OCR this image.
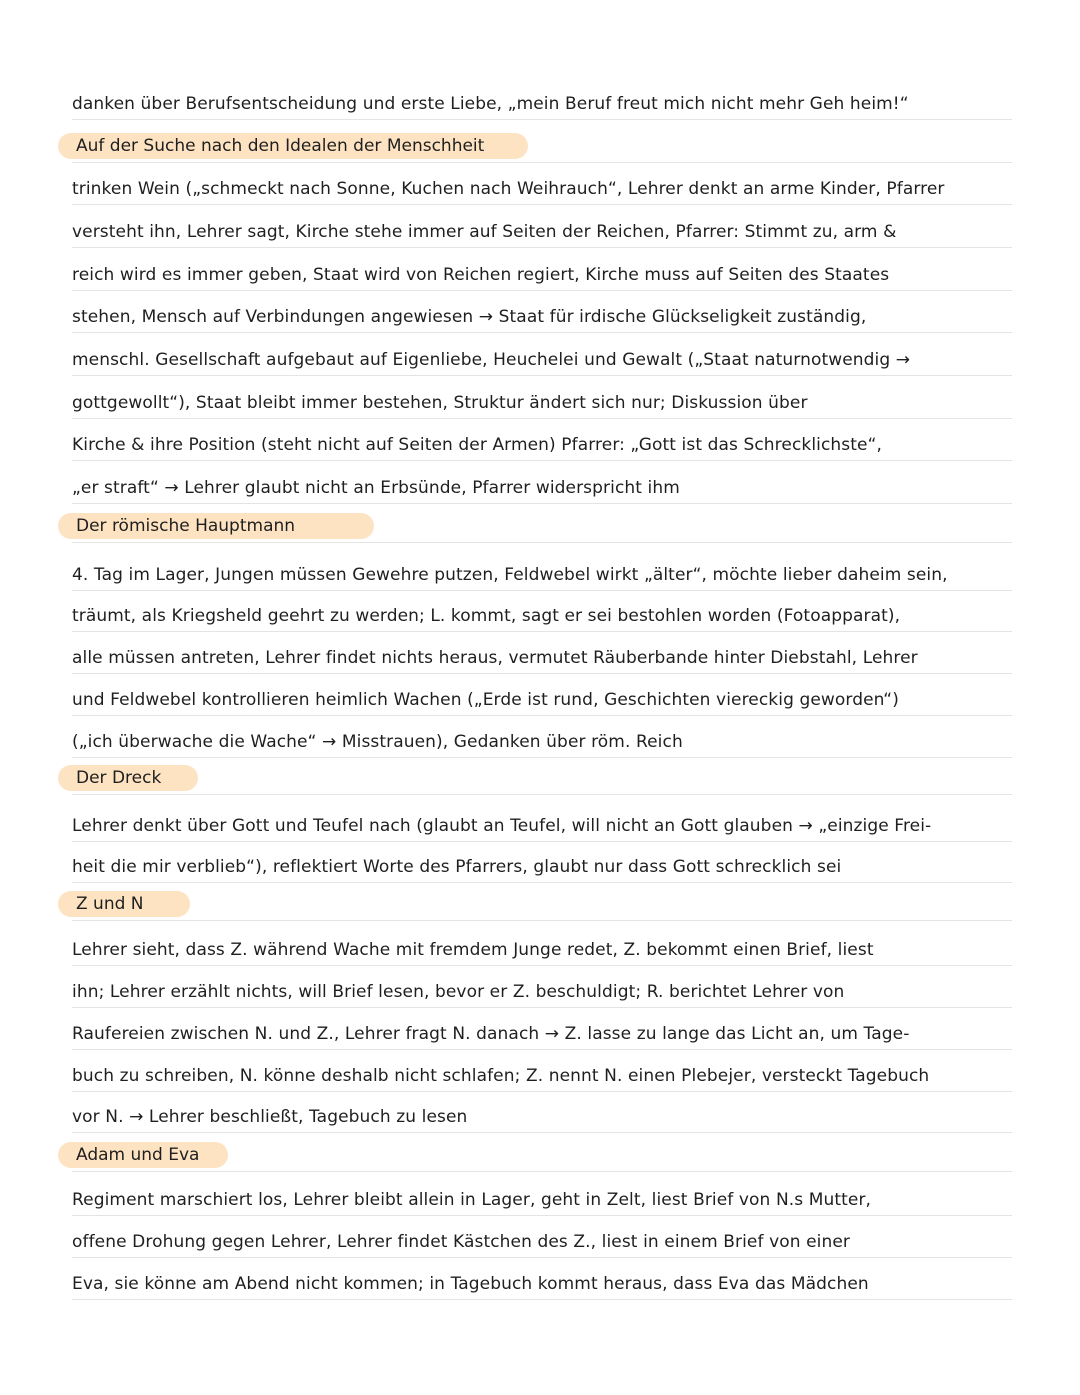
danken über Berufsentscheidung und erste Liebe, „mein Beruf freut mich nicht mehr Geh heim!“
Auf der Suche nach den Idealen der Menschheit
trinken Wein („schmeckt nach Sonne, Kuchen nach Weihrauch“, Lehrer denkt an arme Kinder, Pfarrer
versteht ihn, Lehrer sagt, Kirche stehe immer auf Seiten der Reichen, Pfarrer: Stimmt zu, arm &
reich wird es immer geben, Staat wird von Reichen regiert, Kirche muss auf Seiten des Staates
stehen, Mensch auf Verbindungen angewiesen → Staat für irdische Glückseligkeit zuständig,
menschl. Gesellschaft aufgebaut auf Eigenliebe, Heuchelei und Gewalt („Staat naturnotwendig →
gottgewollt“), Staat bleibt immer bestehen, Struktur ändert sich nur; Diskussion über
Kirche & ihre Position (steht nicht auf Seiten der Armen) Pfarrer: „Gott ist das Schrecklichste“,
„er straft“ → Lehrer glaubt nicht an Erbsünde, Pfarrer widerspricht ihm
Der römische Hauptmann
4. Tag im Lager, Jungen müssen Gewehre putzen, Feldwebel wirkt „älter“, möchte lieber daheim sein,
träumt, als Kriegsheld geehrt zu werden; L. kommt, sagt er sei bestohlen worden (Fotoapparat),
alle müssen antreten, Lehrer findet nichts heraus, vermutet Räuberbande hinter Diebstahl, Lehrer
und Feldwebel kontrollieren heimlich Wachen („Erde ist rund, Geschichten viereckig geworden“)
(„ich überwache die Wache“ → Misstrauen), Gedanken über röm. Reich
Der Dreck
Lehrer denkt über Gott und Teufel nach (glaubt an Teufel, will nicht an Gott glauben → „einzige Frei-
heit die mir verblieb“), reflektiert Worte des Pfarrers, glaubt nur dass Gott schrecklich sei
Z und N
Lehrer sieht, dass Z. während Wache mit fremdem Junge redet, Z. bekommt einen Brief, liest
ihn; Lehrer erzählt nichts, will Brief lesen, bevor er Z. beschuldigt; R. berichtet Lehrer von
Raufereien zwischen N. und Z., Lehrer fragt N. danach → Z. lasse zu lange das Licht an, um Tage-
buch zu schreiben, N. könne deshalb nicht schlafen; Z. nennt N. einen Plebejer, versteckt Tagebuch
vor N. → Lehrer beschließt, Tagebuch zu lesen
Adam und Eva
Regiment marschiert los, Lehrer bleibt allein in Lager, geht in Zelt, liest Brief von N.s Mutter,
offene Drohung gegen Lehrer, Lehrer findet Kästchen des Z., liest in einem Brief von einer
Eva, sie könne am Abend nicht kommen; in Tagebuch kommt heraus, dass Eva das Mädchen
